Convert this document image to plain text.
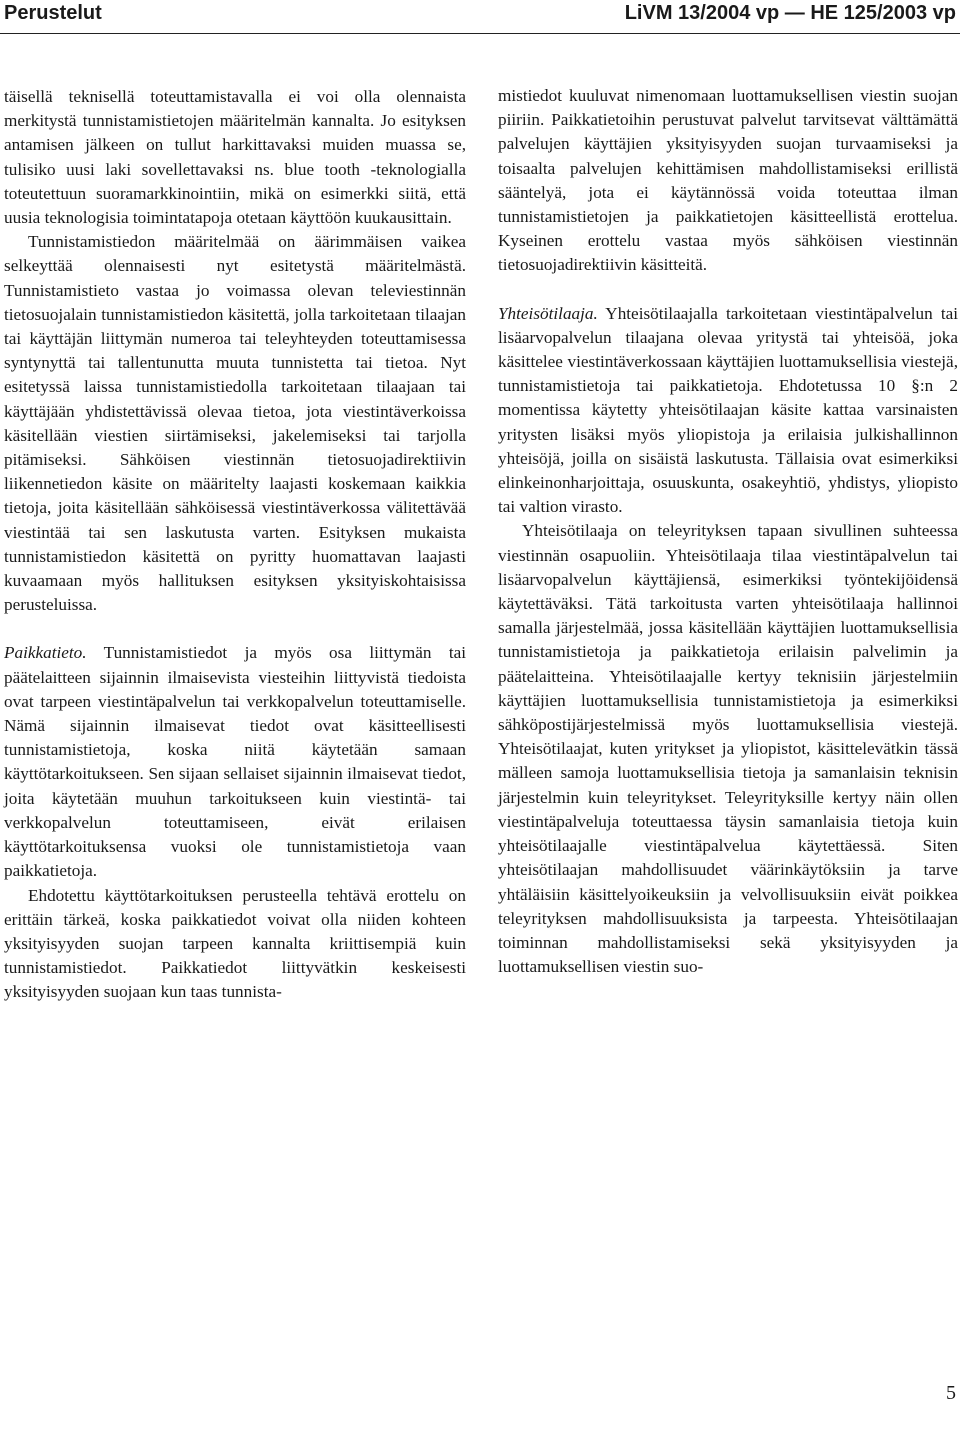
Perustelut	LiVM 13/2004 vp — HE 125/2003 vp

täisellä teknisellä toteuttamistavalla ei voi olla olennaista merkitystä tunnistamistietojen määritelmän kannalta. Jo esityksen antamisen jälkeen on tullut harkittavaksi muiden muassa se, tulisiko uusi laki sovellettavaksi ns. blue tooth -teknologialla toteutettuun suoramarkkinointiin, mikä on esimerkki siitä, että uusia teknologisia toimintatapoja otetaan käyttöön kuukausittain.

Tunnistamistiedon määritelmää on äärimmäisen vaikea selkeyttää olennaisesti nyt esitetystä määritelmästä. Tunnistamistieto vastaa jo voimassa olevan televiestinnän tietosuojalain tunnistamistiedon käsitettä, jolla tarkoitetaan tilaajan tai käyttäjän liittymän numeroa tai teleyhteyden toteuttamisessa syntynyttä tai tallentunutta muuta tunnistetta tai tietoa. Nyt esitetyssä laissa tunnistamistiedolla tarkoitetaan tilaajaan tai käyttäjään yhdistettävissä olevaa tietoa, jota viestintäverkoissa käsitellään viestien siirtämiseksi, jakelemiseksi tai tarjolla pitämiseksi. Sähköisen viestinnän tietosuojadirektiivin liikennetiedon käsite on määritelty laajasti koskemaan kaikkia tietoja, joita käsitellään sähköisessä viestintäverkossa välitettävää viestintää tai sen laskutusta varten. Esityksen mukaista tunnistamistiedon käsitettä on pyritty huomattavan laajasti kuvaamaan myös hallituksen esityksen yksityiskohtaisissa perusteluissa.

Paikkatieto. Tunnistamistiedot ja myös osa liittymän tai päätelaitteen sijainnin ilmaisevista viesteihin liittyvistä tiedoista ovat tarpeen viestintäpalvelun tai verkkopalvelun toteuttamiselle. Nämä sijainnin ilmaisevat tiedot ovat käsitteellisesti tunnistamistietoja, koska niitä käytetään samaan käyttötarkoitukseen. Sen sijaan sellaiset sijainnin ilmaisevat tiedot, joita käytetään muuhun tarkoitukseen kuin viestintä- tai verkkopalvelun toteuttamiseen, eivät erilaisen käyttötarkoituksensa vuoksi ole tunnistamistietoja vaan paikkatietoja.

Ehdotettu käyttötarkoituksen perusteella tehtävä erottelu on erittäin tärkeä, koska paikkatiedot voivat olla niiden kohteen yksityisyyden suojan tarpeen kannalta kriittisempiä kuin tunnistamistiedot. Paikkatiedot liittyvätkin keskeisesti yksityisyyden suojaan kun taas tunnista-

mistiedot kuuluvat nimenomaan luottamuksellisen viestin suojan piiriin. Paikkatietoihin perustuvat palvelut tarvitsevat välttämättä palvelujen käyttäjien yksityisyyden suojan turvaamiseksi ja toisaalta palvelujen kehittämisen mahdollistamiseksi erillistä sääntelyä, jota ei käytännössä voida toteuttaa ilman tunnistamistietojen ja paikkatietojen käsitteellistä erottelua. Kyseinen erottelu vastaa myös sähköisen viestinnän tietosuojadirektiivin käsitteitä.

Yhteisötilaaja. Yhteisötilaajalla tarkoitetaan viestintäpalvelun tai lisäarvopalvelun tilaajana olevaa yritystä tai yhteisöä, joka käsittelee viestintäverkossaan käyttäjien luottamuksellisia viestejä, tunnistamistietoja tai paikkatietoja. Ehdotetussa 10 §:n 2 momentissa käytetty yhteisötilaajan käsite kattaa varsinaisten yritysten lisäksi myös yliopistoja ja erilaisia julkishallinnon yhteisöjä, joilla on sisäistä laskutusta. Tällaisia ovat esimerkiksi elinkeinonharjoittaja, osuuskunta, osakeyhtiö, yhdistys, yliopisto tai valtion virasto.

Yhteisötilaaja on teleyrityksen tapaan sivullinen suhteessa viestinnän osapuoliin. Yhteisötilaaja tilaa viestintäpalvelun tai lisäarvopalvelun käyttäjiensä, esimerkiksi työntekijöidensä käytettäväksi. Tätä tarkoitusta varten yhteisötilaaja hallinnoi samalla järjestelmää, jossa käsitellään käyttäjien luottamuksellisia tunnistamistietoja ja paikkatietoja erilaisin palvelimin ja päätelaitteina. Yhteisötilaajalle kertyy teknisiin järjestelmiin käyttäjien luottamuksellisia tunnistamistietoja ja esimerkiksi sähköpostijärjestelmissä myös luottamuksellisia viestejä. Yhteisötilaajat, kuten yritykset ja yliopistot, käsittelevätkin tässä mälleen samoja luottamuksellisia tietoja ja samanlaisin teknisin järjestelmin kuin teleyritykset. Teleyrityksille kertyy näin ollen viestintäpalveluja toteuttaessa täysin samanlaisia tietoja kuin yhteisötilaajalle viestintäpalvelua käytettäessä. Siten yhteisötilaajan mahdollisuudet väärinkäytöksiin ja tarve yhtäläisiin käsittelyoikeuksiin ja velvollisuuksiin eivät poikkea teleyrityksen mahdollisuuksista ja tarpeesta. Yhteisötilaajan toiminnan mahdollistamiseksi sekä yksityisyyden ja luottamuksellisen viestin suo-

5
